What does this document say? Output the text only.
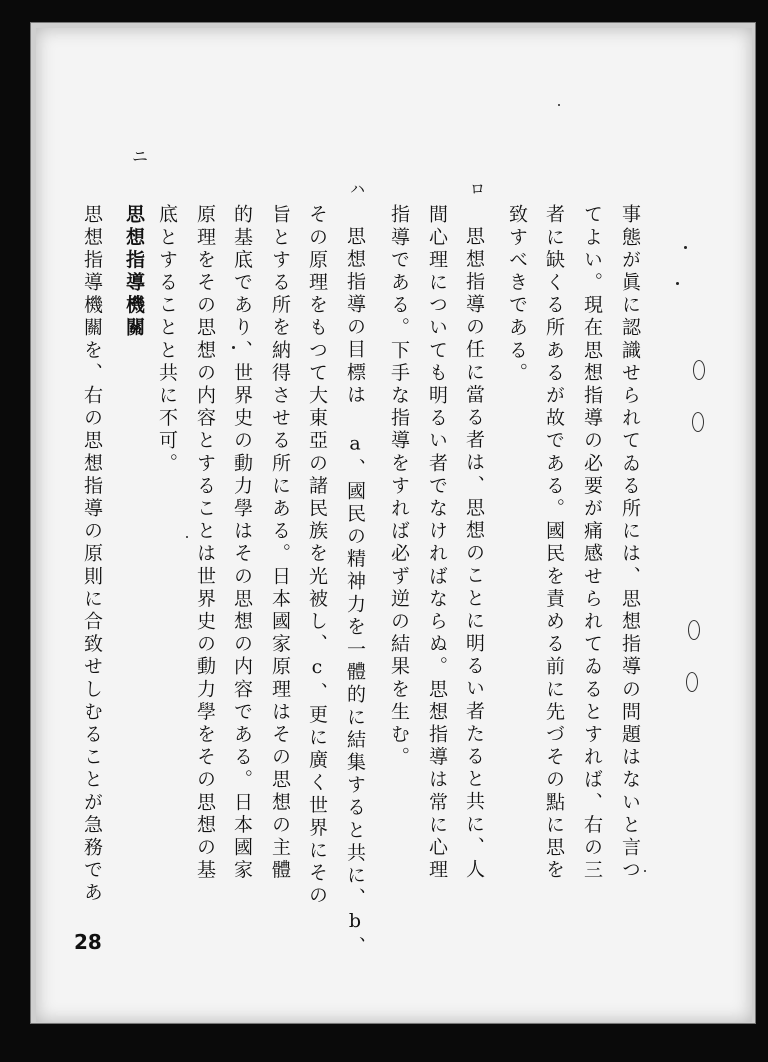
ロ
ハ
ニ
事態が眞に認識せられてゐる所には、思想指導の問題はないと言つ
てよい。現在思想指導の必要が痛感せられてゐるとすれば、右の三
者に缺くる所あるが故である。國民を責める前に先づその點に思を
致すべきである。
思想指導の任に當る者は、思想のことに明るい者たると共に、人
間心理についても明るい者でなければならぬ。思想指導は常に心理
指導である。下手な指導をすれば必ず逆の結果を生む。
思想指導の目標は a、國民の精神力を一體的に結集すると共に、b、
その原理をもつて大東亞の諸民族を光被し、c、更に廣く世界にその
旨とする所を納得させる所にある。日本國家原理はその思想の主體
的基底であり、世界史の動力學はその思想の内容である。日本國家
原理をその思想の内容とすることは世界史の動力學をその思想の基
底とすることと共に不可。
思想指導機關
思想指導機關を、右の思想指導の原則に合致せしむることが急務であ
28
